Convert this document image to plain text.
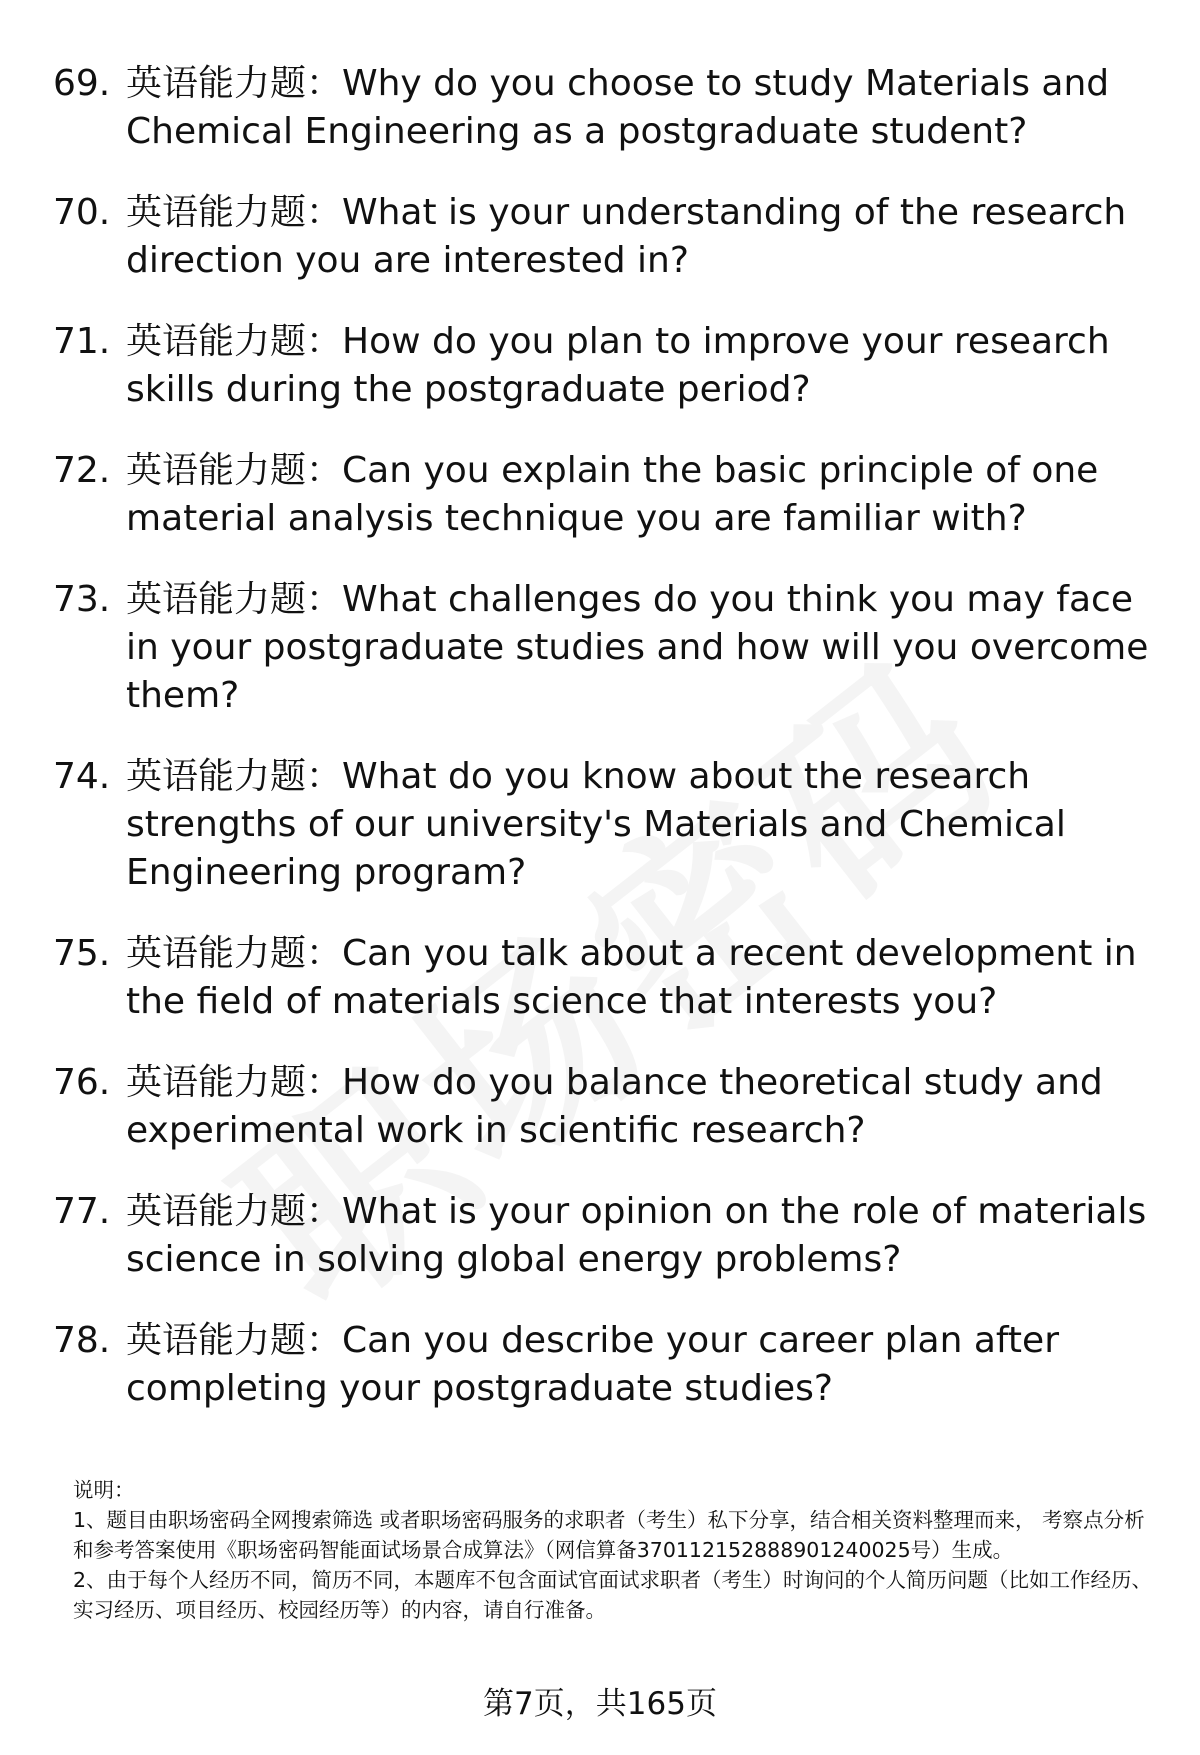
69. 英语能力题：Why do you choose to study Materials and Chemical Engineering as a postgraduate student?
70. 英语能力题：What is your understanding of the research direction you are interested in?
71. 英语能力题：How do you plan to improve your research skills during the postgraduate period?
72. 英语能力题：Can you explain the basic principle of one material analysis technique you are familiar with?
73. 英语能力题：What challenges do you think you may face in your postgraduate studies and how will you overcome them?
74. 英语能力题：What do you know about the research strengths of our university's Materials and Chemical Engineering program?
75. 英语能力题：Can you talk about a recent development in the field of materials science that interests you?
76. 英语能力题：How do you balance theoretical study and experimental work in scientific research?
77. 英语能力题：What is your opinion on the role of materials science in solving global energy problems?
78. 英语能力题：Can you describe your career plan after completing your postgraduate studies?

说明：

1、题目由职场密码全网搜索筛选 或者职场密码服务的求职者（考生）私下分享，结合相关资料整理而来， 考察点分析和参考答案使用《职场密码智能面试场景合成算法》（网信算备370112152888901240025号）生成。

2、由于每个人经历不同，简历不同，本题库不包含面试官面试求职者（考生）时询问的个人简历问题（比如工作经历、实习经历、项目经历、校园经历等）的内容，请自行准备。

第7页，共165页
